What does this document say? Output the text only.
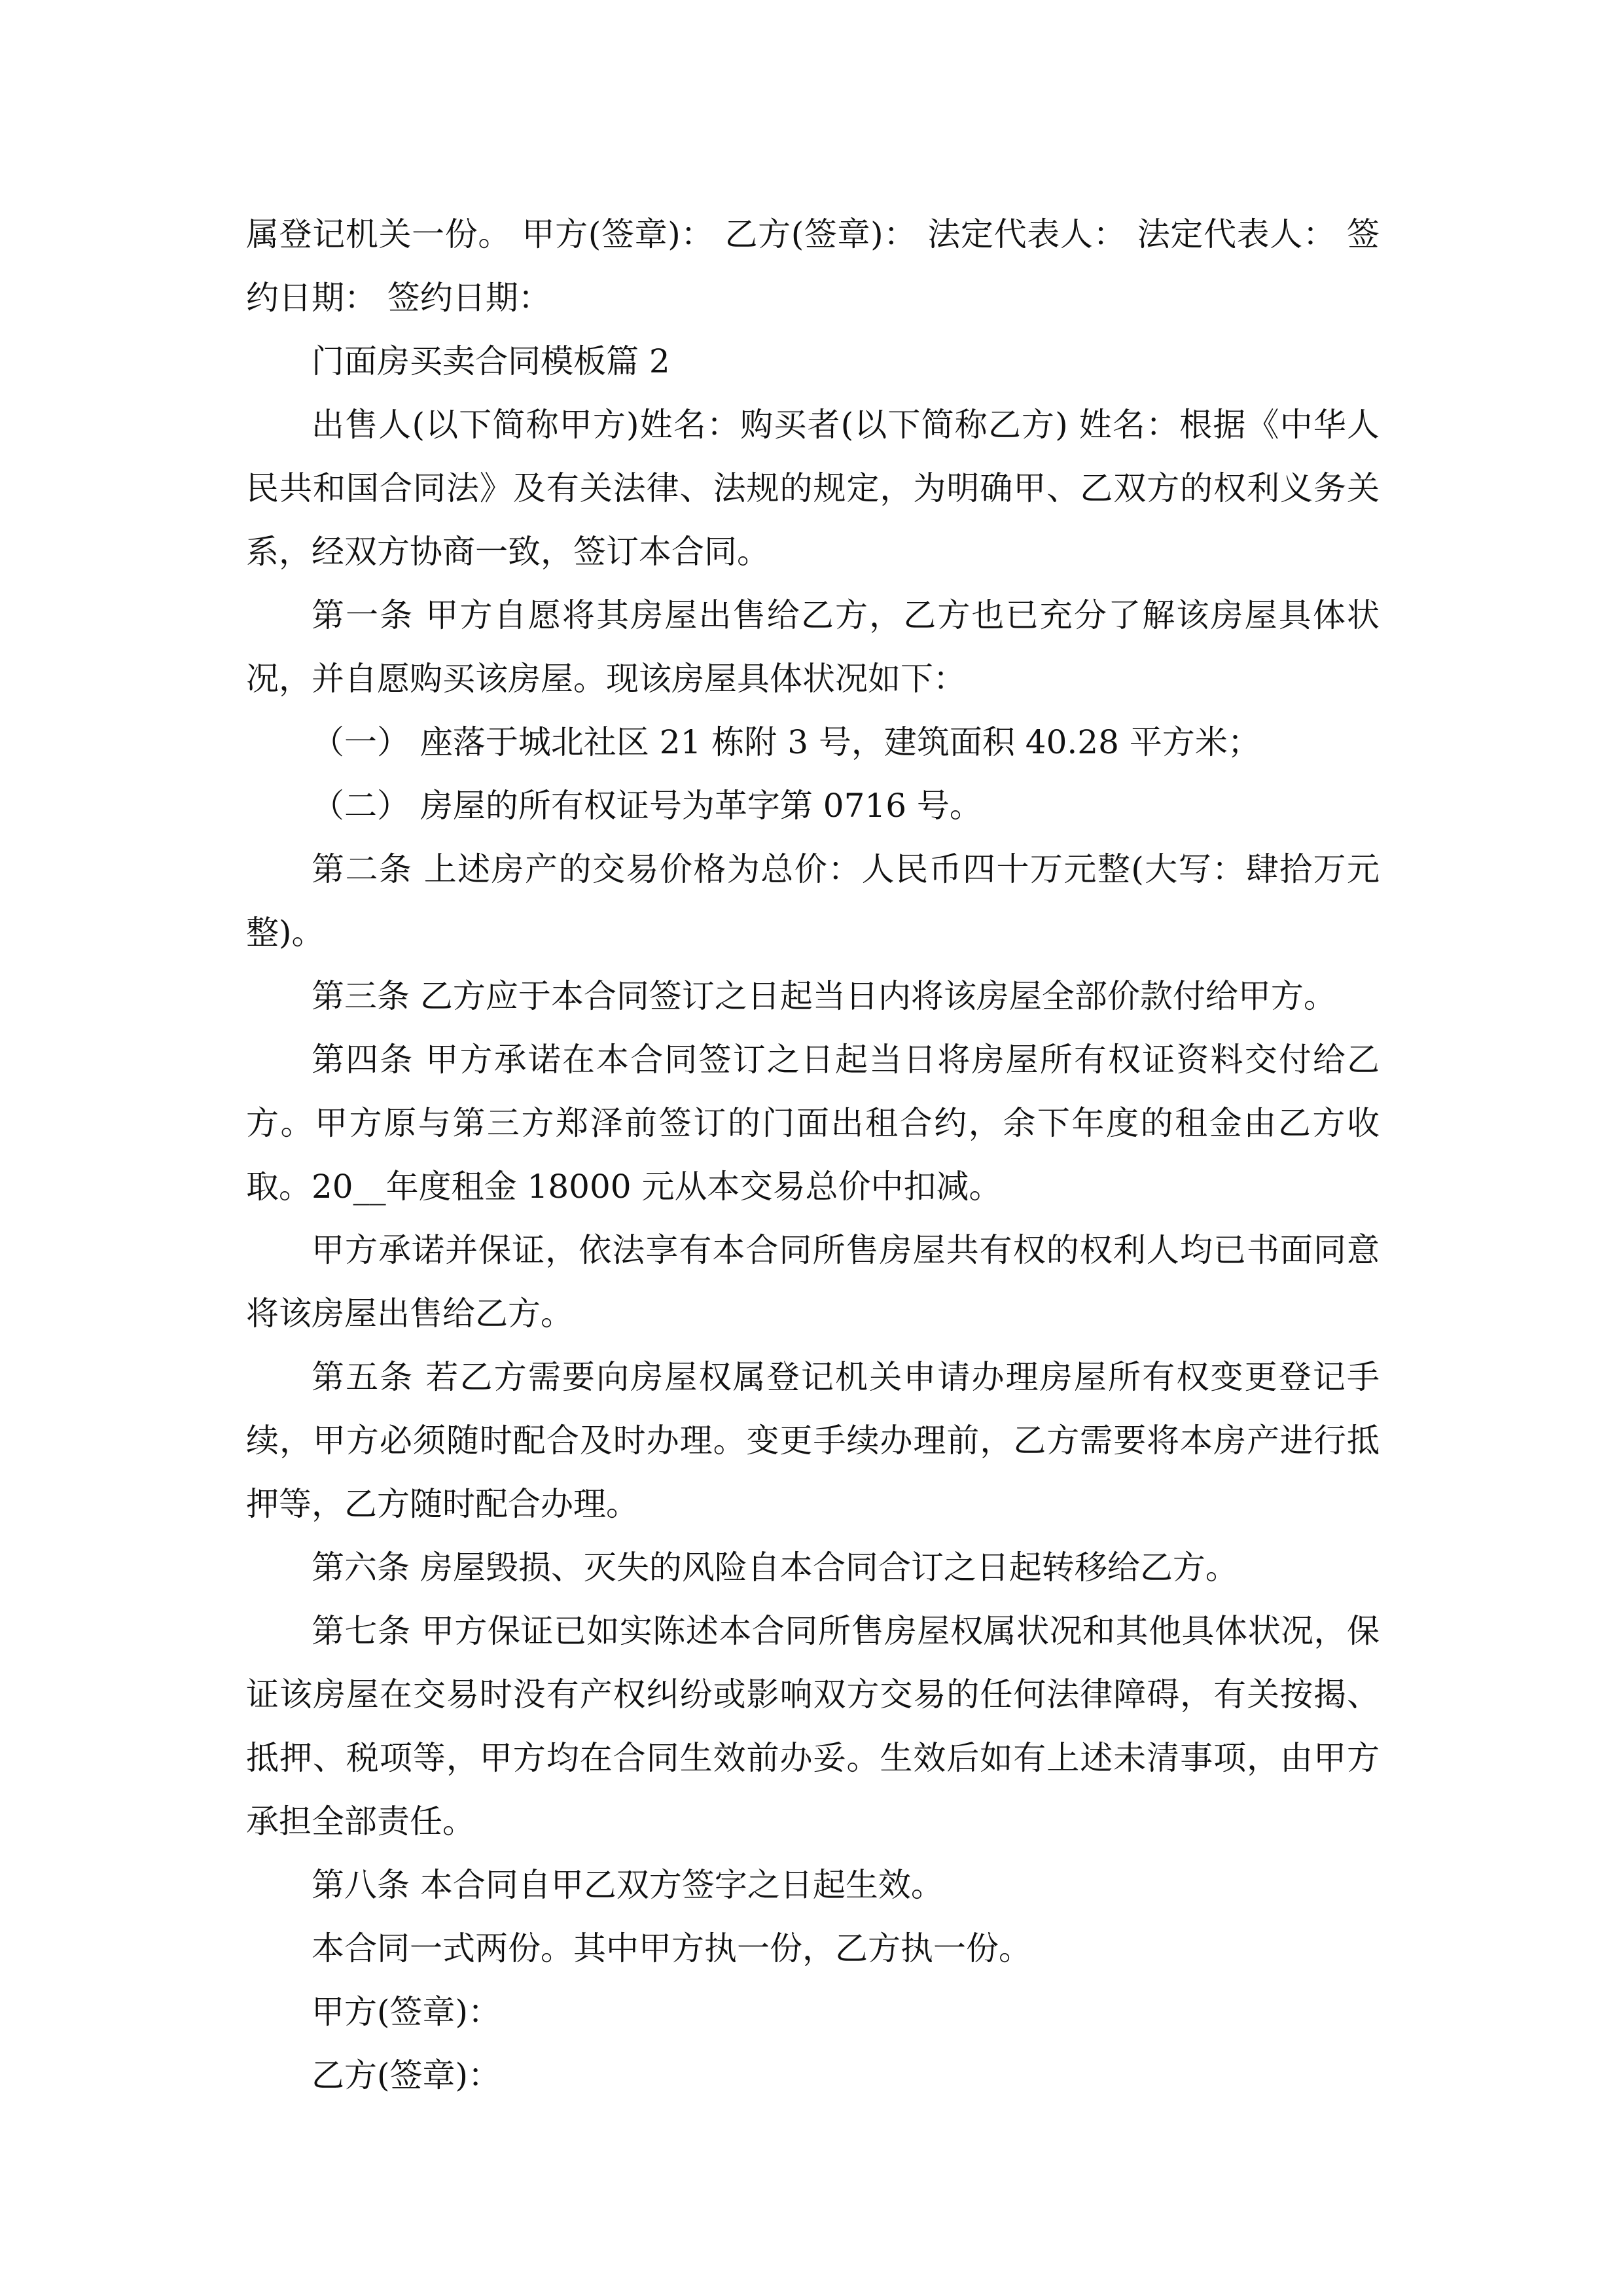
属登记机关一份。 甲方(签章)： 乙方(签章)： 法定代表人： 法定代表人： 签约日期： 签约日期：

门面房买卖合同模板篇 2

出售人(以下简称甲方)姓名：购买者(以下简称乙方) 姓名：根据《中华人民共和国合同法》及有关法律、法规的规定，为明确甲、乙双方的权利义务关系，经双方协商一致，签订本合同。

第一条 甲方自愿将其房屋出售给乙方，乙方也已充分了解该房屋具体状况，并自愿购买该房屋。现该房屋具体状况如下：

（一） 座落于城北社区 21 栋附 3 号，建筑面积 40.28 平方米；

（二） 房屋的所有权证号为革字第 0716 号。

第二条 上述房产的交易价格为总价：人民币四十万元整(大写：肆拾万元整)。

第三条 乙方应于本合同签订之日起当日内将该房屋全部价款付给甲方。

第四条 甲方承诺在本合同签订之日起当日将房屋所有权证资料交付给乙方。甲方原与第三方郑泽前签订的门面出租合约，余下年度的租金由乙方收取。20__年度租金 18000 元从本交易总价中扣减。

甲方承诺并保证，依法享有本合同所售房屋共有权的权利人均已书面同意将该房屋出售给乙方。

第五条 若乙方需要向房屋权属登记机关申请办理房屋所有权变更登记手续，甲方必须随时配合及时办理。变更手续办理前，乙方需要将本房产进行抵押等，乙方随时配合办理。

第六条 房屋毁损、灭失的风险自本合同合订之日起转移给乙方。

第七条 甲方保证已如实陈述本合同所售房屋权属状况和其他具体状况，保证该房屋在交易时没有产权纠纷或影响双方交易的任何法律障碍，有关按揭、抵押、税项等，甲方均在合同生效前办妥。生效后如有上述未清事项，由甲方承担全部责任。

第八条 本合同自甲乙双方签字之日起生效。

本合同一式两份。其中甲方执一份，乙方执一份。

甲方(签章)：

乙方(签章)：
